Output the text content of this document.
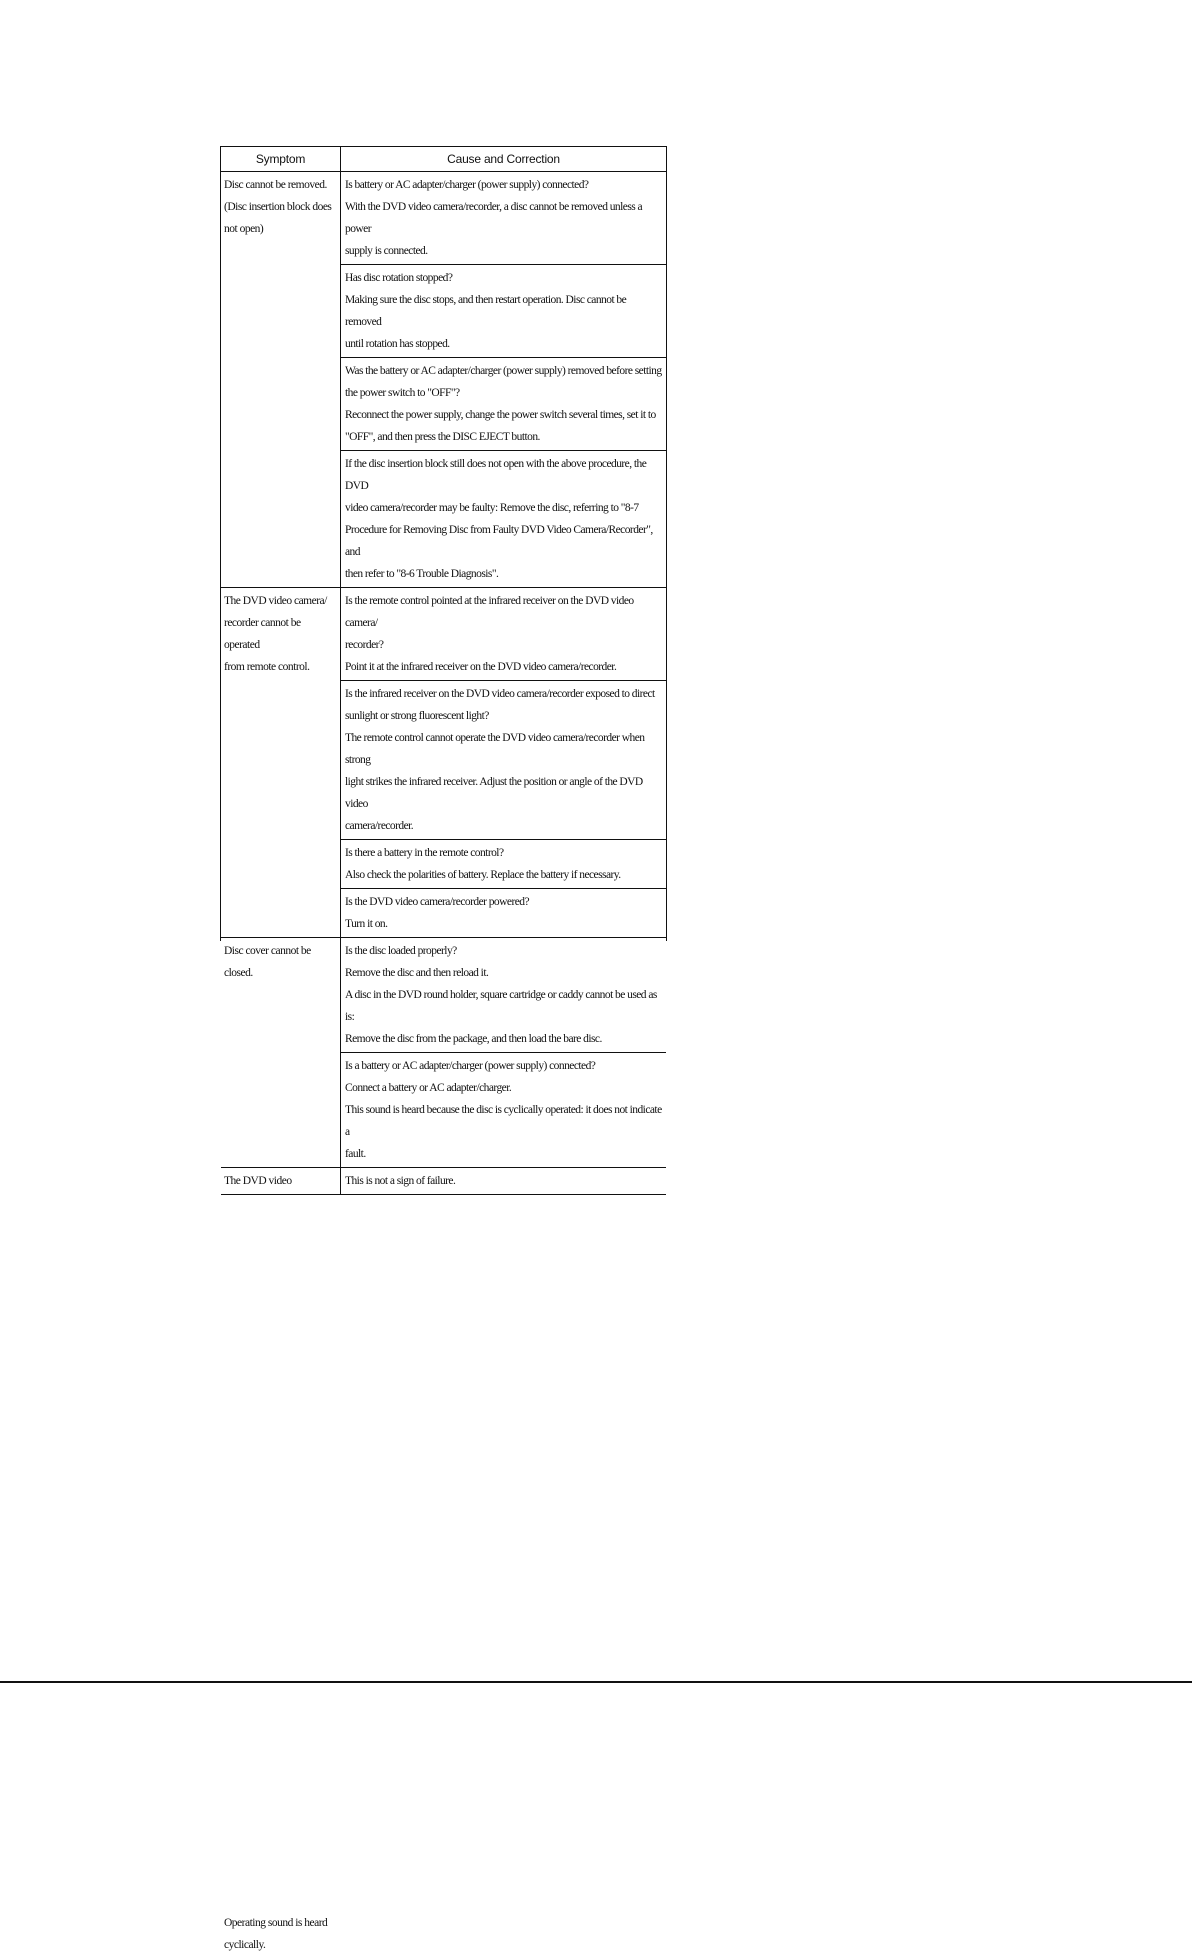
Symptom	Cause and Correction

Disc cannot be removed.

(Disc insertion block does

not open)

Is battery or AC adapter/charger (power supply) connected?

With the DVD video camera/recorder, a disc cannot be removed unless a power

supply is connected.

Has disc rotation stopped?

Making sure the disc stops, and then restart operation. Disc cannot be removed

until rotation has stopped.

Was the battery or AC adapter/charger (power supply) removed before setting

the power switch to "OFF"?

Reconnect the power supply, change the power switch several times, set it to

"OFF", and then press the DISC EJECT button.

If the disc insertion block still does not open with the above procedure, the DVD

video camera/recorder may be faulty: Remove the disc, referring to "8-7

Procedure for Removing Disc from Faulty DVD Video Camera/Recorder", and

then refer to "8-6 Trouble Diagnosis".

The DVD video camera/

recorder cannot be operated

from remote control.

Is the remote control pointed at the infrared receiver on the DVD video camera/

recorder?

Point it at the infrared receiver on the DVD video camera/recorder.

Is the infrared receiver on the DVD video camera/recorder exposed to direct

sunlight or strong fluorescent light?

The remote control cannot operate the DVD video camera/recorder when strong

light strikes the infrared receiver. Adjust the position or angle of the DVD video

camera/recorder.

Is there a battery in the remote control?

Also check the polarities of battery. Replace the battery if necessary.

Is the DVD video camera/recorder powered?

Turn it on.

Disc cover cannot be closed.

Operating sound is heard

cyclically.

Is the disc loaded properly?

Remove the disc and then reload it.

A disc in the DVD round holder, square cartridge or caddy cannot be used as is:

Remove the disc from the package, and then load the bare disc.

Is a battery or AC adapter/charger (power supply) connected?

Connect a battery or AC adapter/charger.

This sound is heard because the disc is cyclically operated: it does not indicate a

fault.

The DVD video	This is not a sign of failure.
